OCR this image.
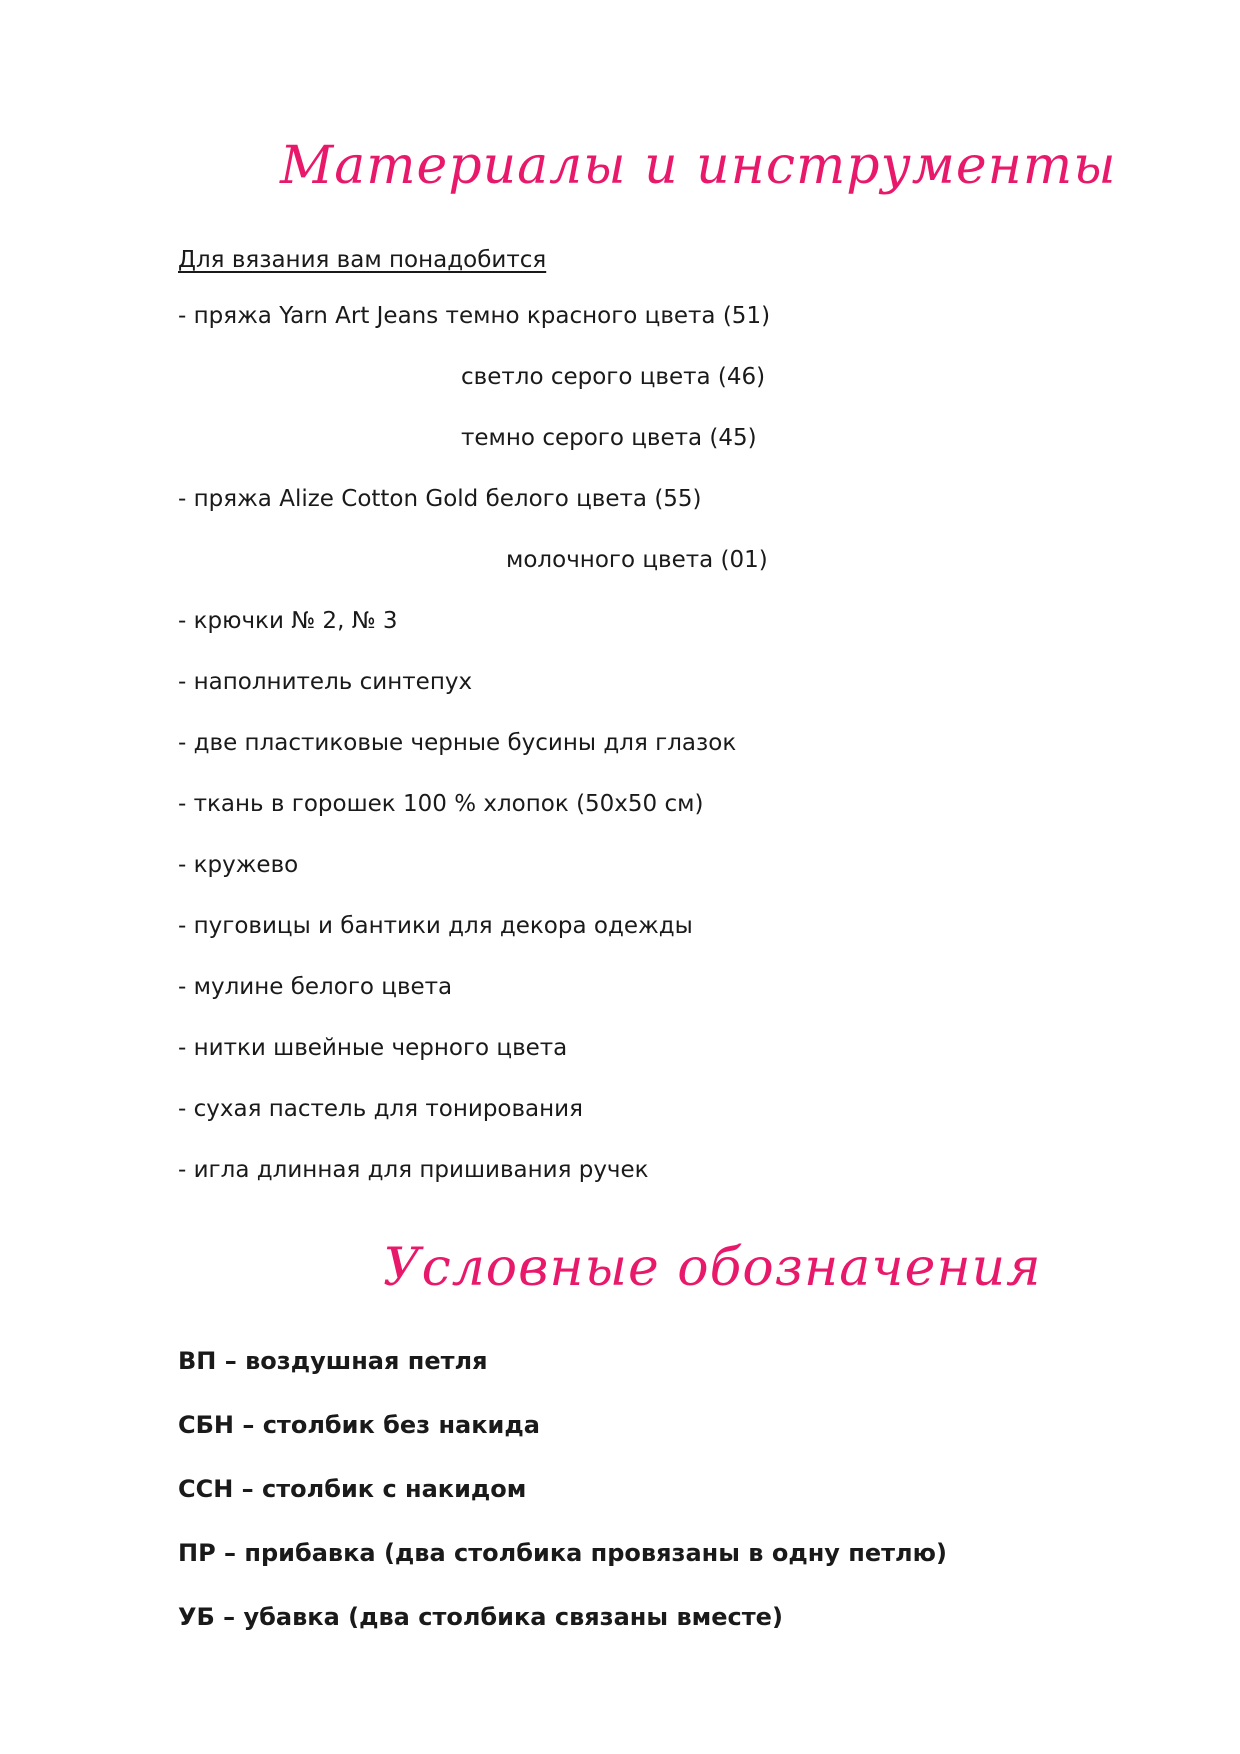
Материалы и инструменты
Для вязания вам понадобится
- пряжа Yarn Art Jeans темно красного цвета (51)
светло серого цвета (46)
темно серого цвета (45)
- пряжа Alize Cotton Gold белого цвета (55)
молочного цвета (01)
- крючки № 2, № 3
- наполнитель синтепух
- две пластиковые черные бусины для глазок
- ткань в горошек 100 % хлопок (50х50 см)
- кружево
- пуговицы и бантики для декора одежды
- мулине белого цвета
- нитки швейные черного цвета
- сухая пастель для тонирования
- игла длинная для пришивания ручек
Условные обозначения
ВП – воздушная петля
СБН – столбик без накида
ССН – столбик с накидом
ПР – прибавка (два столбика провязаны в одну петлю)
УБ – убавка (два столбика связаны вместе)
